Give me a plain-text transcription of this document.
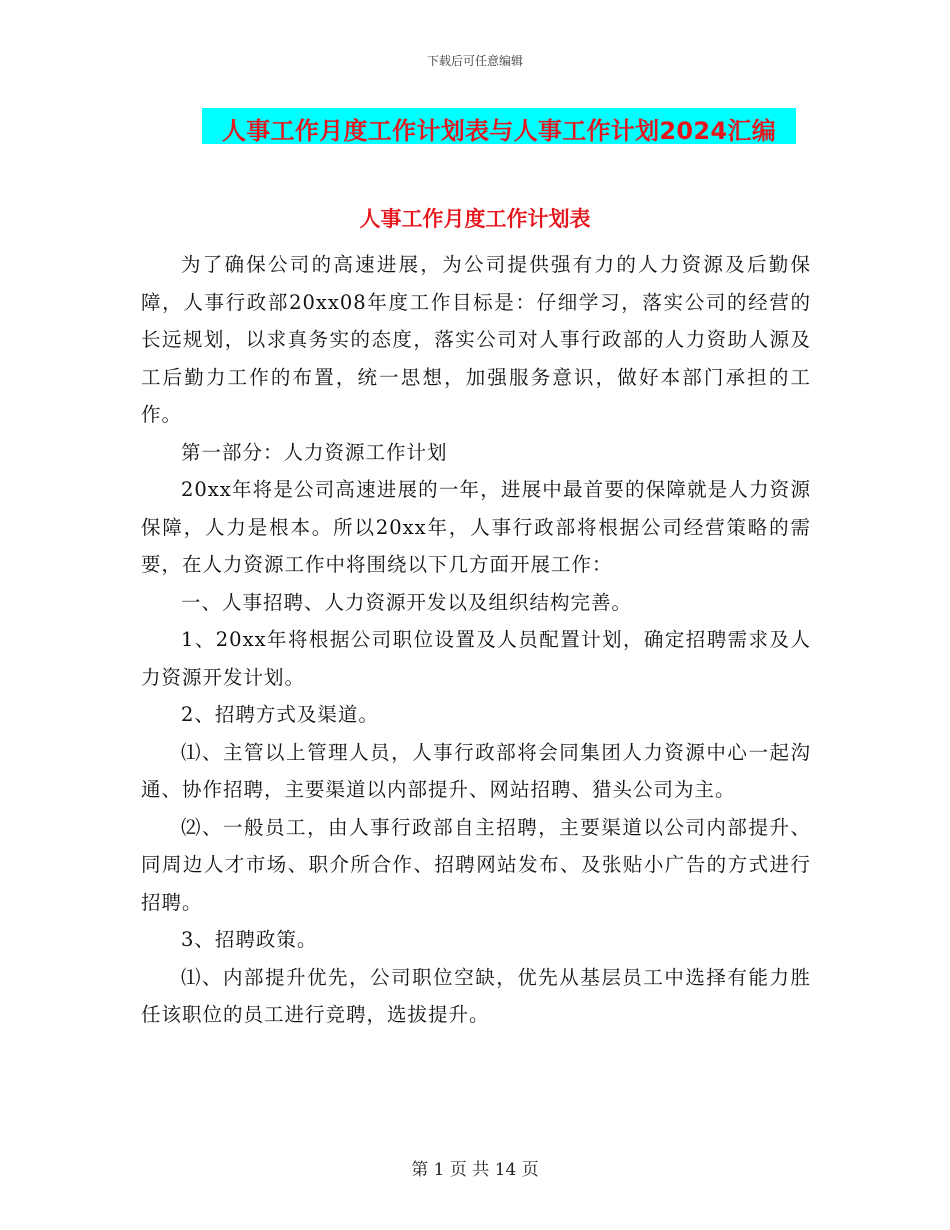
下载后可任意编辑
人事工作月度工作计划表与人事工作计划2024汇编
人事工作月度工作计划表

为了确保公司的高速进展，为公司提供强有力的人力资源及后勤保障，人事行政部20xx08年度工作目标是：仔细学习，落实公司的经营的长远规划，以求真务实的态度，落实公司对人事行政部的人力资助人源及工后勤力工作的布置，统一思想，加强服务意识，做好本部门承担的工作。

第一部分：人力资源工作计划

20xx年将是公司高速进展的一年，进展中最首要的保障就是人力资源保障，人力是根本。所以20xx年，人事行政部将根据公司经营策略的需要，在人力资源工作中将围绕以下几方面开展工作：

一、人事招聘、人力资源开发以及组织结构完善。

1、20xx年将根据公司职位设置及人员配置计划，确定招聘需求及人力资源开发计划。

2、招聘方式及渠道。

⑴、主管以上管理人员，人事行政部将会同集团人力资源中心一起沟通、协作招聘，主要渠道以内部提升、网站招聘、猎头公司为主。

⑵、一般员工，由人事行政部自主招聘，主要渠道以公司内部提升、同周边人才市场、职介所合作、招聘网站发布、及张贴小广告的方式进行招聘。

3、招聘政策。

⑴、内部提升优先，公司职位空缺，优先从基层员工中选择有能力胜任该职位的员工进行竞聘，选拔提升。

第 1 页 共 14 页
